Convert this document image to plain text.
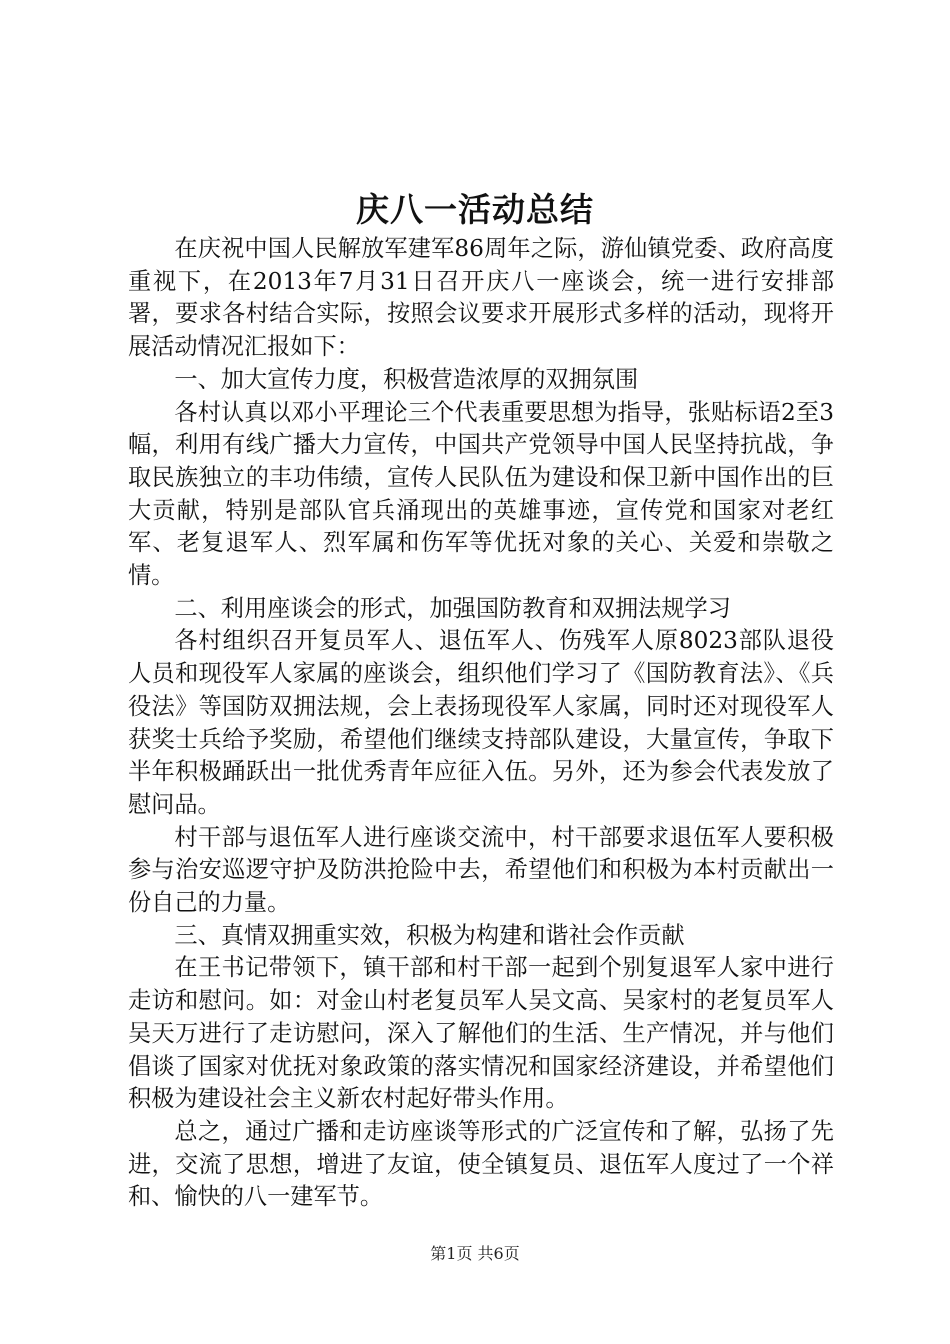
庆八一活动总结

在庆祝中国人民解放军建军86周年之际，游仙镇党委、政府高度重视下，在2013年7月31日召开庆八一座谈会，统一进行安排部署，要求各村结合实际，按照会议要求开展形式多样的活动，现将开展活动情况汇报如下：

一、加大宣传力度，积极营造浓厚的双拥氛围

各村认真以邓小平理论三个代表重要思想为指导，张贴标语2至3幅，利用有线广播大力宣传，中国共产党领导中国人民坚持抗战，争取民族独立的丰功伟绩，宣传人民队伍为建设和保卫新中国作出的巨大贡献，特别是部队官兵涌现出的英雄事迹，宣传党和国家对老红军、老复退军人、烈军属和伤军等优抚对象的关心、关爱和崇敬之情。

二、利用座谈会的形式，加强国防教育和双拥法规学习

各村组织召开复员军人、退伍军人、伤残军人原8023部队退役人员和现役军人家属的座谈会，组织他们学习了《国防教育法》、《兵役法》等国防双拥法规，会上表扬现役军人家属，同时还对现役军人获奖士兵给予奖励，希望他们继续支持部队建设，大量宣传，争取下半年积极踊跃出一批优秀青年应征入伍。另外，还为参会代表发放了慰问品。

村干部与退伍军人进行座谈交流中，村干部要求退伍军人要积极参与治安巡逻守护及防洪抢险中去，希望他们和积极为本村贡献出一份自己的力量。

三、真情双拥重实效，积极为构建和谐社会作贡献

在王书记带领下，镇干部和村干部一起到个别复退军人家中进行走访和慰问。如：对金山村老复员军人吴文高、吴家村的老复员军人吴天万进行了走访慰问，深入了解他们的生活、生产情况，并与他们倡谈了国家对优抚对象政策的落实情况和国家经济建设，并希望他们积极为建设社会主义新农村起好带头作用。

总之，通过广播和走访座谈等形式的广泛宣传和了解，弘扬了先进，交流了思想，增进了友谊，使全镇复员、退伍军人度过了一个祥和、愉快的八一建军节。

第1页 共6页
